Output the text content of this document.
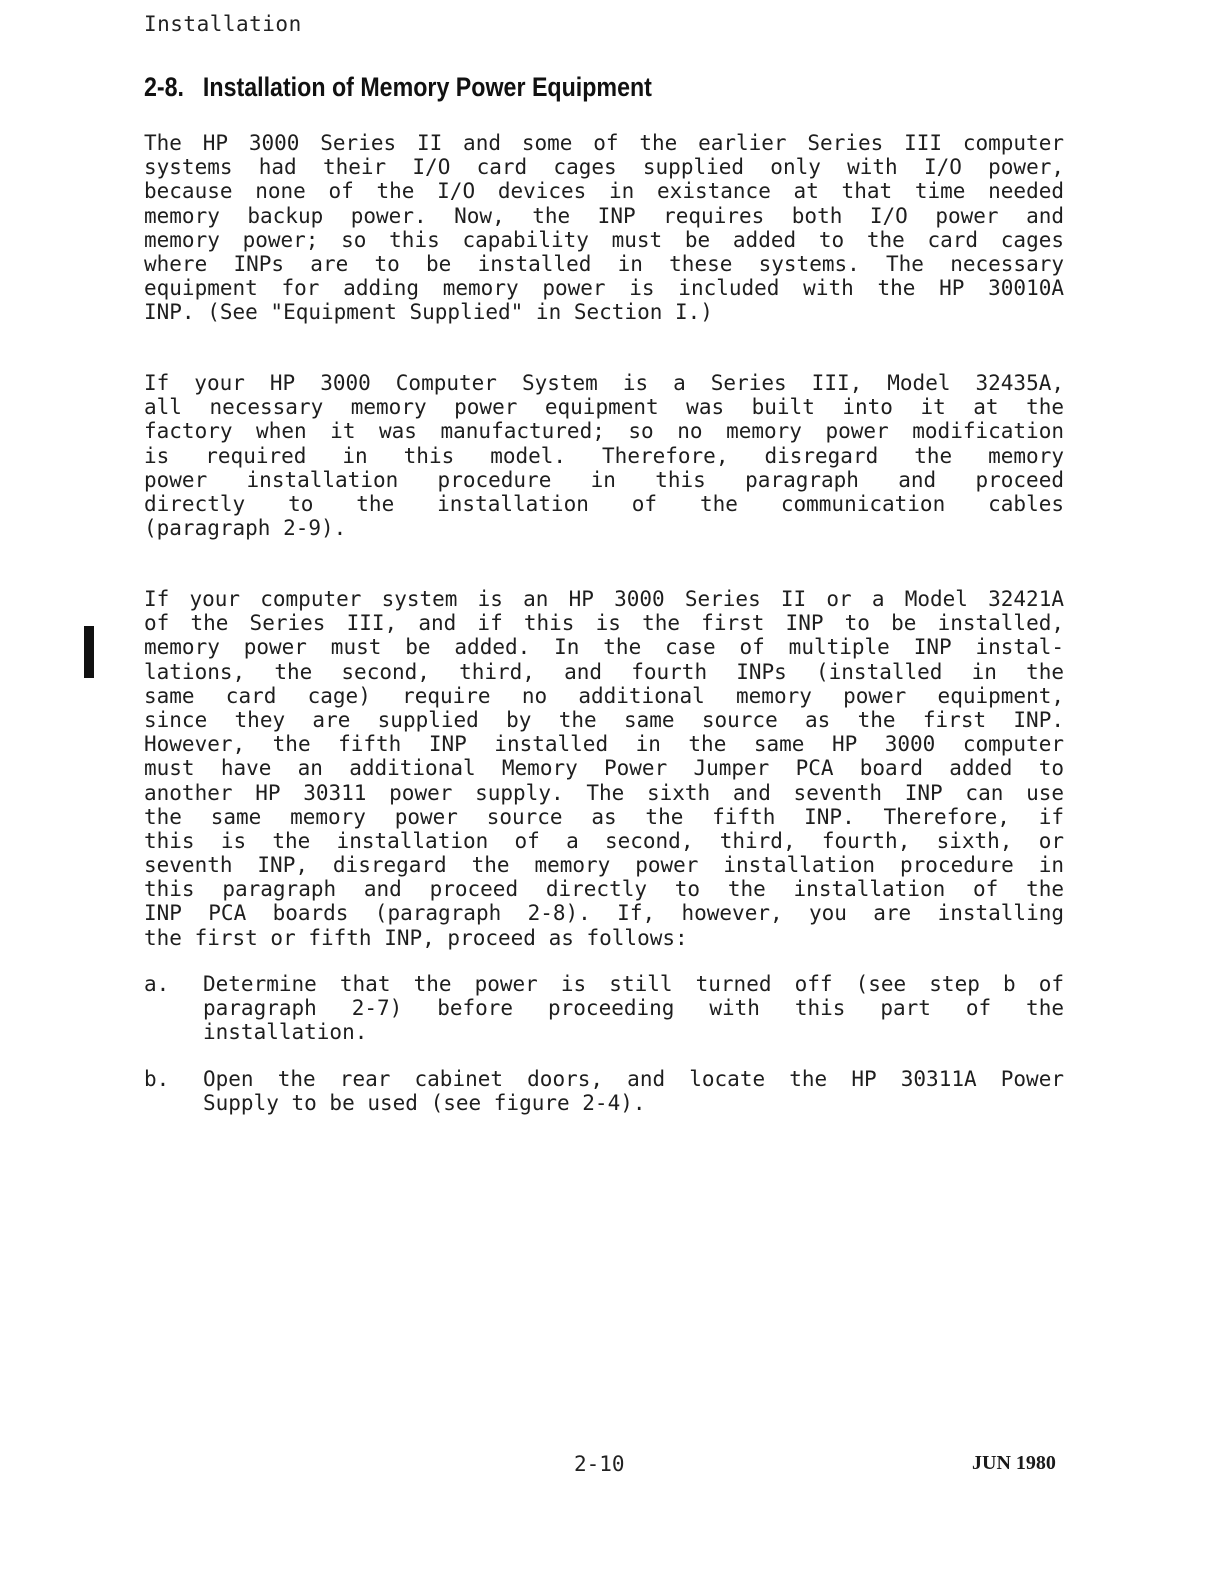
Installation
2-8. Installation of Memory Power Equipment
The HP 3000 Series II and some of the earlier Series III computer
systems had their I/O card cages supplied only with I/O power,
because none of the I/O devices in existance at that time needed
memory backup power. Now, the INP requires both I/O power and
memory power; so this capability must be added to the card cages
where INPs are to be installed in these systems. The necessary
equipment for adding memory power is included with the HP 30010A
INP. (See "Equipment Supplied" in Section I.)
If your HP 3000 Computer System is a Series III, Model 32435A,
all necessary memory power equipment was built into it at the
factory when it was manufactured; so no memory power modification
is required in this model. Therefore, disregard the memory
power installation procedure in this paragraph and proceed
directly to the installation of the communication cables
(paragraph 2-9).
If your computer system is an HP 3000 Series II or a Model 32421A
of the Series III, and if this is the first INP to be installed,
memory power must be added. In the case of multiple INP instal-
lations, the second, third, and fourth INPs (installed in the
same card cage) require no additional memory power equipment,
since they are supplied by the same source as the first INP.
However, the fifth INP installed in the same HP 3000 computer
must have an additional Memory Power Jumper PCA board added to
another HP 30311 power supply. The sixth and seventh INP can use
the same memory power source as the fifth INP. Therefore, if
this is the installation of a second, third, fourth, sixth, or
seventh INP, disregard the memory power installation procedure in
this paragraph and proceed directly to the installation of the
INP PCA boards (paragraph 2-8). If, however, you are installing
the first or fifth INP, proceed as follows:
a. Determine that the power is still turned off (see step b of
paragraph 2-7) before proceeding with this part of the
installation.
b. Open the rear cabinet doors, and locate the HP 30311A Power
Supply to be used (see figure 2-4).
2-10	JUN 1980
